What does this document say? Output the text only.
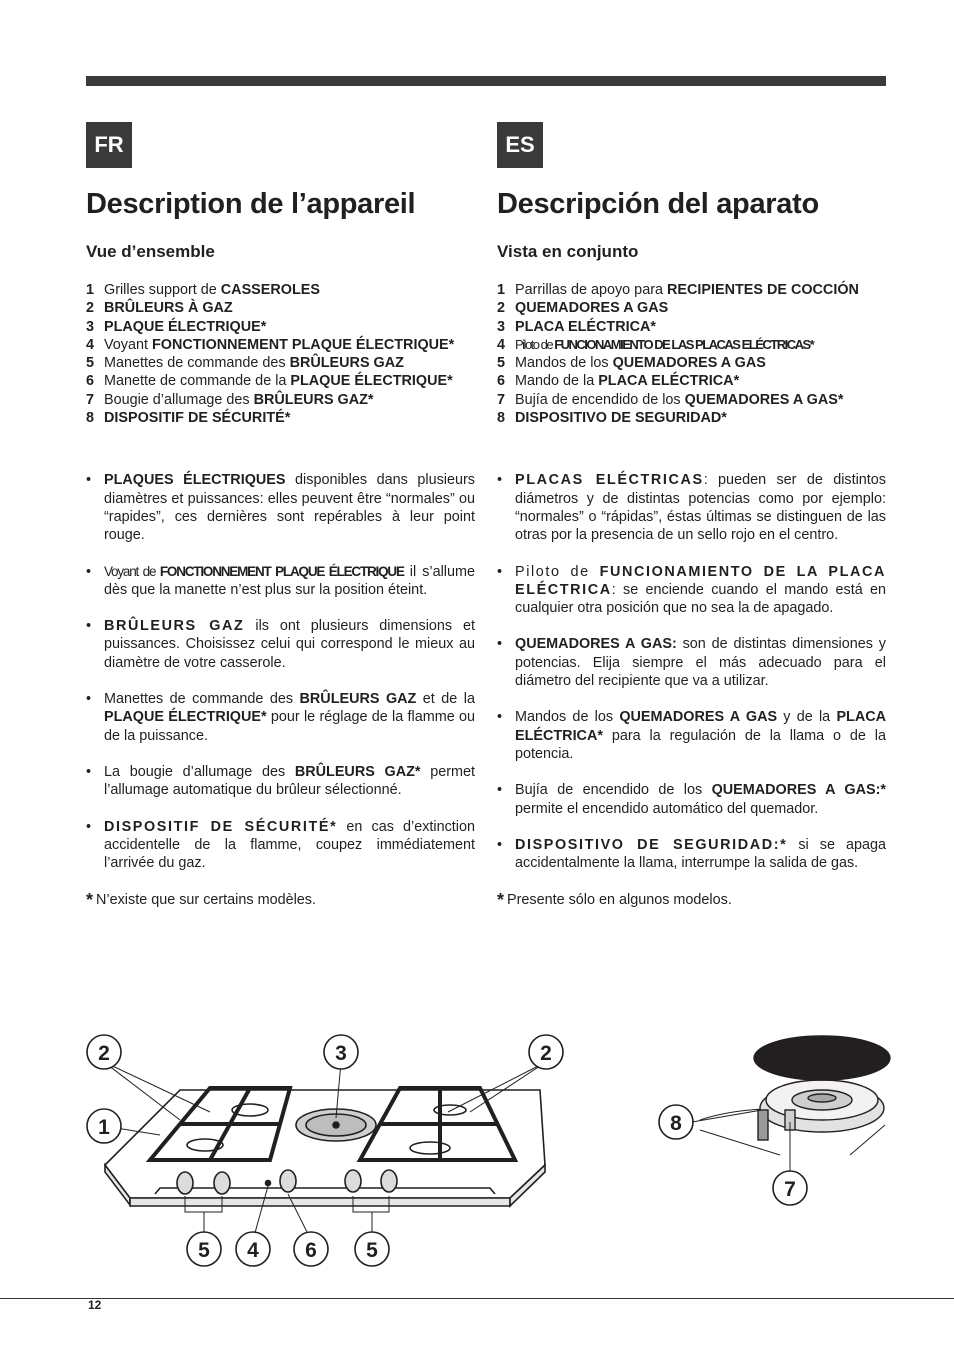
FR	ES
Description de l’appareil
Vue d’ensemble
1 Grilles support de CASSEROLES
2 BRÛLEURS À GAZ
3 PLAQUE ÉLECTRIQUE*
4 Voyant FONCTIONNEMENT PLAQUE ÉLECTRIQUE*
5 Manettes de commande des BRÛLEURS GAZ
6 Manette de commande de la PLAQUE ÉLECTRIQUE*
7 Bougie d’allumage des BRÛLEURS GAZ*
8 DISPOSITIF DE SÉCURITÉ*
• PLAQUES ÉLECTRIQUES disponibles dans plusieurs diamètres et puissances: elles peuvent être “normales” ou “rapides”, ces dernières sont repérables à leur point rouge.
• Voyant de FONCTIONNEMENT PLAQUE ÉLECTRIQUE il s’allume dès que la manette n’est plus sur la position éteint.
• BRÛLEURS GAZ ils ont plusieurs dimensions et puissances. Choisissez celui qui correspond le mieux au diamètre de votre casserole.
• Manettes de commande des BRÛLEURS GAZ et de la PLAQUE ÉLECTRIQUE* pour le réglage de la flamme ou de la puissance.
• La bougie d’allumage des BRÛLEURS GAZ* permet l’allumage automatique du brûleur sélectionné.
• DISPOSITIF DE SÉCURITÉ* en cas d’extinction accidentelle de la flamme, coupez immédiatement l’arrivée du gaz.
* N’existe que sur certains modèles.
Descripción del aparato
Vista en conjunto
1 Parrillas de apoyo para RECIPIENTES DE COCCIÓN
2 QUEMADORES A GAS
3 PLACA ELÉCTRICA*
4 Piloto de FUNCIONAMIENTO DE LAS PLACAS ELÉCTRICAS*
5 Mandos de los QUEMADORES A GAS
6 Mando de la PLACA ELÉCTRICA*
7 Bujía de encendido de los QUEMADORES A GAS*
8 DISPOSITIVO DE SEGURIDAD*
• PLACAS ELÉCTRICAS: pueden ser de distintos diámetros y de distintas potencias como por ejemplo: “normales” o “rápidas”, éstas últimas se distinguen de las otras por la presencia de un sello rojo en el centro.
• Piloto de FUNCIONAMIENTO DE LA PLACA ELÉCTRICA: se enciende cuando el mando está en cualquier otra posición que no sea la de apagado.
• QUEMADORES A GAS: son de distintas dimensiones y potencias. Elija siempre el más adecuado para el diámetro del recipiente que va a utilizar.
• Mandos de los QUEMADORES A GAS y de la PLACA ELÉCTRICA* para la regulación de la llama o de la potencia.
• Bujía de encendido de los QUEMADORES A GAS:* permite el encendido automático del quemador.
• DISPOSITIVO DE SEGURIDAD:* si se apaga accidentalmente la llama, interrumpe la salida de gas.
* Presente sólo en algunos modelos.
2	3	2
1
5 4 6 5
8
7
12
